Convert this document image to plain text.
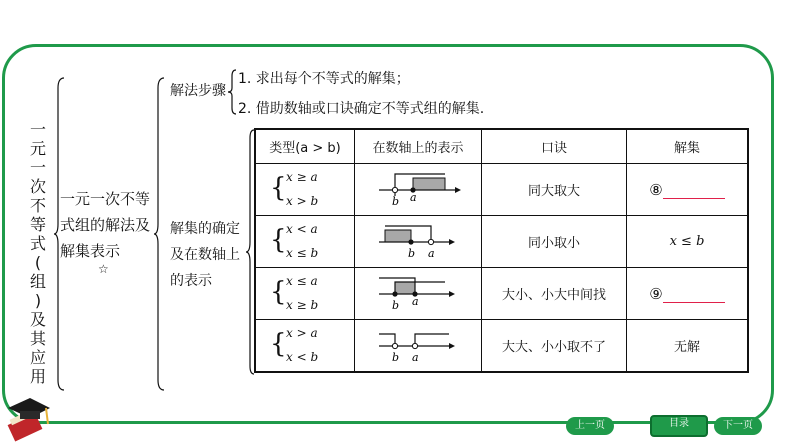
一
元
一
次
不
等
式
(
组
)
及
其
应
用
一元一次不等
式组的解法及
解集表示
☆
解法步骤
1. 求出每个不等式的解集；
2. 借助数轴或口诀确定不等式组的解集.
解集的确定
及在数轴上
的表示
类型(a > b)	在数轴上的表示	口诀	解集

{ x ≥ a
x > b	b a	同大取大	⑧

{ x < a
x ≤ b	b a	同小取小	x ≤ b

{ x ≤ a
x ≥ b	b a	大小、小大中间找	⑨

{ x > a
x < b	b a	大大、小小取不了	无解
上一页	目录	下一页
